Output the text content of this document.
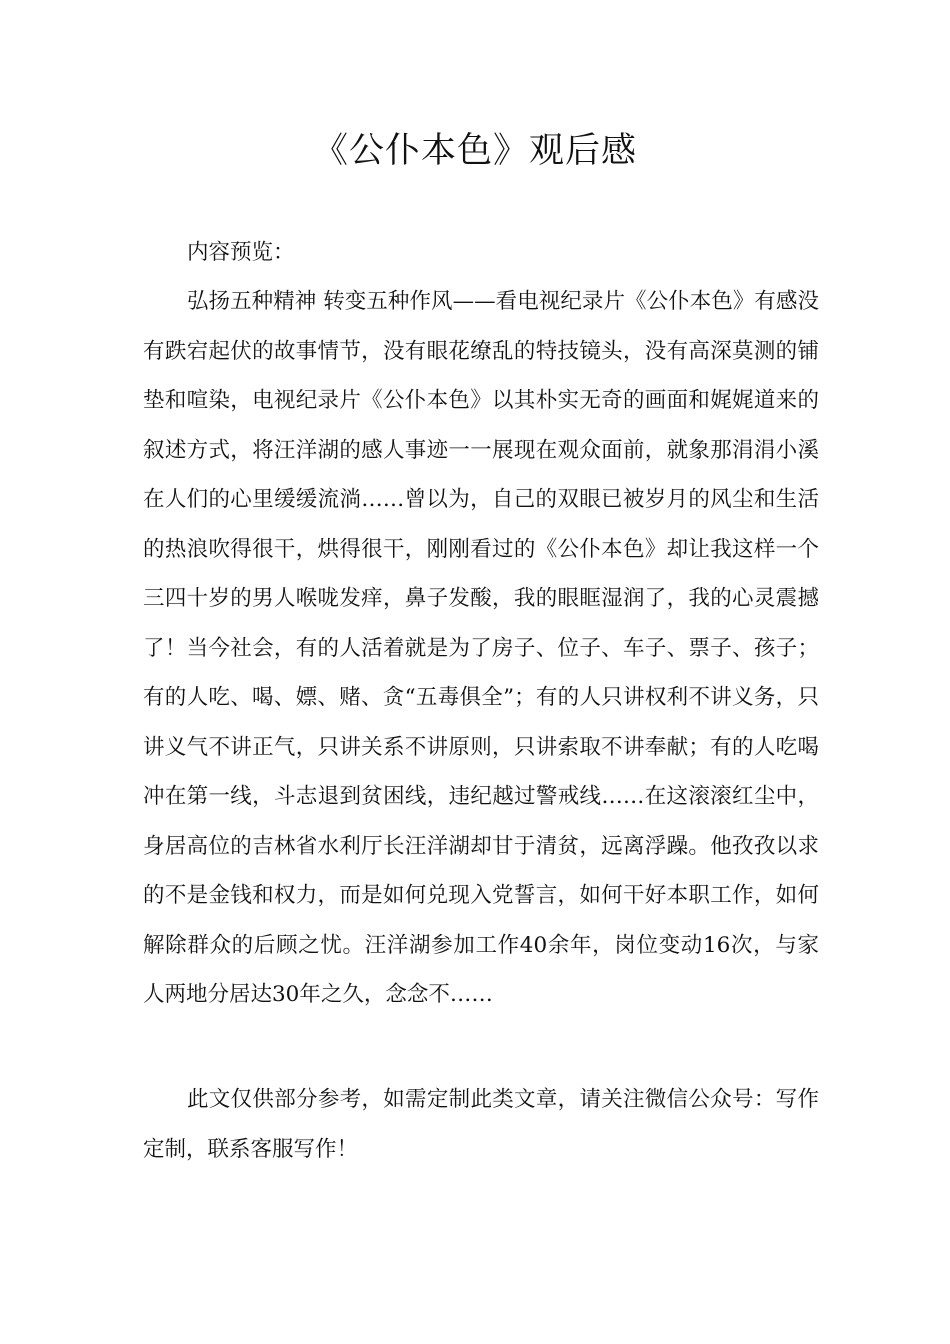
《公仆本色》观后感

内容预览：

弘扬五种精神 转变五种作风——看电视纪录片《公仆本色》有感没有跌宕起伏的故事情节，没有眼花缭乱的特技镜头，没有高深莫测的铺垫和喧染，电视纪录片《公仆本色》以其朴实无奇的画面和娓娓道来的叙述方式，将汪洋湖的感人事迹一一展现在观众面前，就象那涓涓小溪在人们的心里缓缓流淌……曾以为，自己的双眼已被岁月的风尘和生活的热浪吹得很干，烘得很干，刚刚看过的《公仆本色》却让我这样一个三四十岁的男人喉咙发痒，鼻子发酸，我的眼眶湿润了，我的心灵震撼了！当今社会，有的人活着就是为了房子、位子、车子、票子、孩子；有的人吃、喝、嫖、赌、贪“五毒俱全”；有的人只讲权利不讲义务，只讲义气不讲正气，只讲关系不讲原则，只讲索取不讲奉献；有的人吃喝冲在第一线，斗志退到贫困线，违纪越过警戒线……在这滚滚红尘中，身居高位的吉林省水利厅长汪洋湖却甘于清贫，远离浮躁。他孜孜以求的不是金钱和权力，而是如何兑现入党誓言，如何干好本职工作，如何解除群众的后顾之忧。汪洋湖参加工作40余年，岗位变动16次，与家人两地分居达30年之久，念念不……

此文仅供部分参考，如需定制此类文章，请关注微信公众号：写作定制，联系客服写作！
